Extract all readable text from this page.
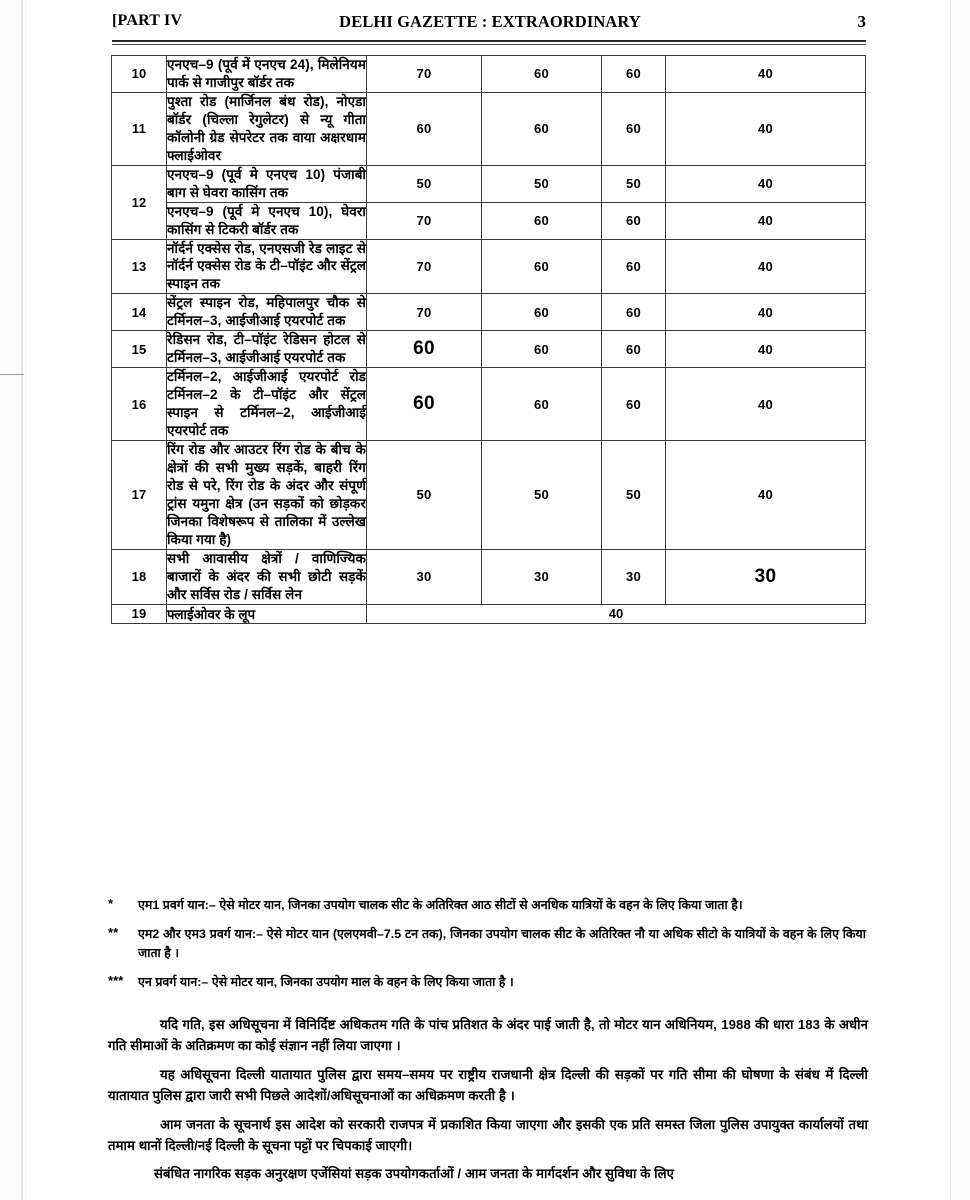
[PART IV	DELHI GAZETTE : EXTRAORDINARY	3
10	एनएच–9 (पूर्व में एनएच 24), मिलेनियम पार्क से गाजीपुर बॉर्डर तक	70	60	60	40
11	पुश्ता रोड (मार्जिनल बंध रोड), नोएडा बॉर्डर (चिल्ला रेगुलेटर) से न्यू गीता कॉलोनी ग्रेड सेपरेटर तक वाया अक्षरधाम फ्लाईओवर	60	60	60	40
12	एनएच–9 (पूर्व मे एनएच 10) पंजाबी बाग से घेवरा कासिंग तक	50	50	50	40
	एनएच–9 (पूर्व मे एनएच 10), घेवरा कासिंग से टिकरी बॉर्डर तक	70	60	60	40
13	नॉर्दर्न एक्सेस रोड, एनएसजी रेड लाइट से नॉर्दर्न एक्सेस रोड के टी–पॉइंट और सेंट्रल स्पाइन तक	70	60	60	40
14	सेंट्रल स्पाइन रोड, महिपालपुर चौक से टर्मिनल–3, आईजीआई एयरपोर्ट तक	70	60	60	40
15	रेडिसन रोड, टी–पॉइंट रेडिसन होटल से टर्मिनल–3, आईजीआई एयरपोर्ट तक	60	60	60	40
16	टर्मिनल–2, आईजीआई एयरपोर्ट रोड टर्मिनल–2 के टी–पॉइंट और सेंट्रल स्पाइन से टर्मिनल–2, आईजीआई एयरपोर्ट तक	60	60	60	40
17	रिंग रोड और आउटर रिंग रोड के बीच के क्षेत्रों की सभी मुख्य सड़कें, बाहरी रिंग रोड से परे, रिंग रोड के अंदर और संपूर्ण ट्रांस यमुना क्षेत्र (उन सड़कों को छोड़कर जिनका विशेषरूप से तालिका में उल्लेख किया गया है)	50	50	50	40
18	सभी आवासीय क्षेत्रों / वाणिज्यिक बाजारों के अंदर की सभी छोटी सड़कें और सर्विस रोड / सर्विस लेन	30	30	30	30
19	फ्लाईओवर के लूप	40			
*	एम1 प्रवर्ग यान:– ऐसे मोटर यान, जिनका उपयोग चालक सीट के अतिरिक्त आठ सीटों से अनधिक यात्रियों के वहन के लिए किया जाता है।
**	एम2 और एम3 प्रवर्ग यान:– ऐसे मोटर यान (एलएमवी–7.5 टन तक), जिनका उपयोग चालक सीट के अतिरिक्त नौ या अधिक सीटो के यात्रियों के वहन के लिए किया जाता है ।
***	एन प्रवर्ग यान:– ऐसे मोटर यान, जिनका उपयोग माल के वहन के लिए किया जाता है ।
यदि गति, इस अधिसूचना में विनिर्दिष्ट अधिकतम गति के पांच प्रतिशत के अंदर पाई जाती है, तो मोटर यान अधिनियम, 1988 की धारा 183 के अधीन गति सीमाओं के अतिक्रमण का कोई संज्ञान नहीं लिया जाएगा ।
यह अधिसूचना दिल्ली यातायात पुलिस द्वारा समय–समय पर राष्ट्रीय राजधानी क्षेत्र दिल्ली की सड़कों पर गति सीमा की घोषणा के संबंध में दिल्ली यातायात पुलिस द्वारा जारी सभी पिछले आदेशों/अधिसूचनाओं का अधिक्रमण करती है ।
आम जनता के सूचनार्थ इस आदेश को सरकारी राजपत्र में प्रकाशित किया जाएगा और इसकी एक प्रति समस्त जिला पुलिस उपायुक्त कार्यालयों तथा तमाम थानों दिल्ली/नई दिल्ली के सूचना पट्टों पर चिपकाई जाएगी।
संबंधित नागरिक सड़क अनुरक्षण एजेंसियां सड़क उपयोगकर्ताओं / आम जनता के मार्गदर्शन और सुविधा के लिए
